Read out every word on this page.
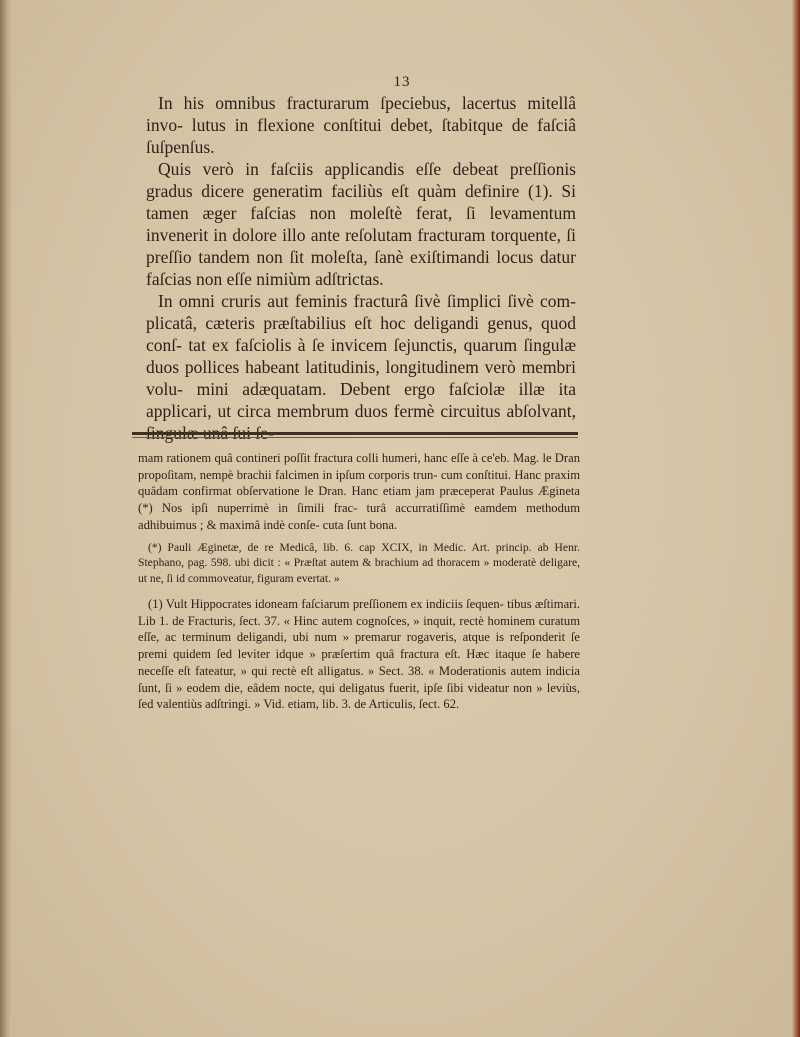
13

In his omnibus fracturarum ſpeciebus, lacertus mitellâ invo- lutus in flexione conſtitui debet, ſtabitque de faſciâ ſuſpenſus.

Quis verò in faſciis applicandis eſſe debeat preſſionis gradus dicere generatim faciliùs eſt quàm definire (1). Si tamen æger faſcias non moleſtè ferat, ſi levamentum invenerit in dolore illo ante reſolutam fracturam torquente, ſi preſſio tandem non ſit moleſta, ſanè exiſtimandi locus datur faſcias non eſſe nimiùm adſtrictas.

In omni cruris aut feminis fracturâ ſivè ſimplici ſivè com- plicatâ, cæteris præſtabilius eſt hoc deligandi genus, quod conſ- tat ex faſciolis à ſe invicem ſejunctis, quarum ſingulæ duos pollices habeant latitudinis, longitudinem verò membri volu- mini adæquatam. Debent ergo faſciolæ illæ ita applicari, ut circa membrum duos fermè circuitus abſolvant, ſingulæ unâ ſui ſe-

mam rationem quâ contineri poſſit fractura colli humeri, hanc eſſe à ce'eb. Mag. le Dran propoſitam, nempè brachii falcimen in ipſum corporis trun- cum conſtitui. Hanc praxim quâdam confirmat obſervatione le Dran. Hanc etiam jam præceperat Paulus Ægineta (*) Nos ipſi nuperrimè in ſimili frac- turâ accurratiſſimè eamdem methodum adhibuimus ; & maximâ indè conſe- cuta ſunt bona.

(*) Pauli Æginetæ, de re Medicâ, lib. 6. cap XCIX, in Medic. Art. princip. ab Henr. Stephano, pag. 598. ubi dicit : « Præſtat autem & brachium ad thoracem » moderatè deligare, ut ne, ſi id commoveatur, figuram evertat. »

(1) Vult Hippocrates idoneam faſciarum preſſionem ex indiciis ſequen- tibus æſtimari. Lib 1. de Fracturis, ſect. 37. « Hinc autem cognoſces, » inquit, rectè hominem curatum eſſe, ac terminum deligandi, ubi num » premarur rogaveris, atque is reſponderit ſe premi quidem ſed leviter idque » præſertim quâ fractura eſt. Hæc itaque ſe habere neceſſe eſt fateatur, » qui rectè eſt alligatus. » Sect. 38. « Moderationis autem indicia ſunt, ſi » eodem die, eâdem nocte, qui deligatus fuerit, ipſe ſibi videatur non » leviùs, ſed valentiùs adſtringi. » Vid. etiam, lib. 3. de Articulis, ſect. 62.
